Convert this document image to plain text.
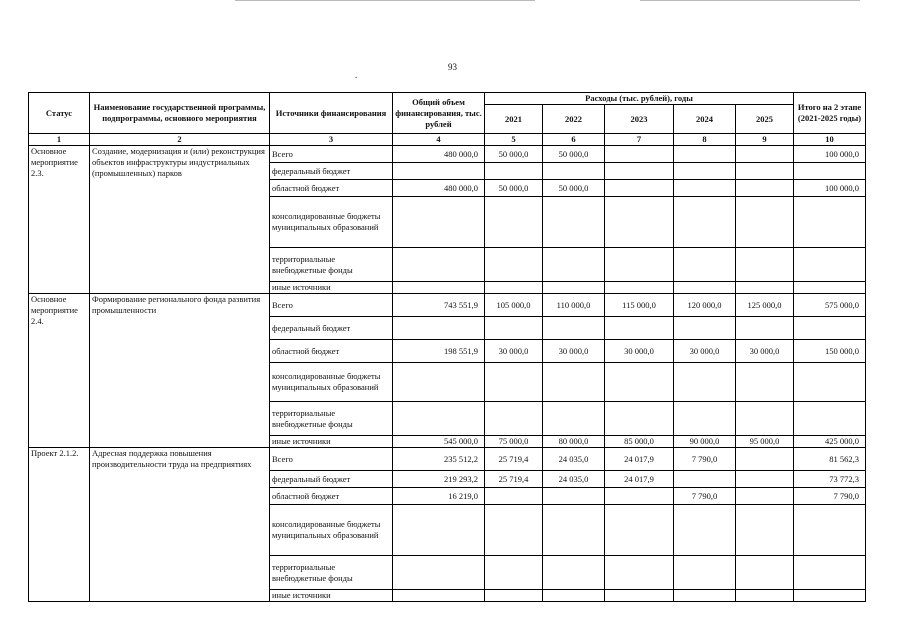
93
.
Статус	Наименование государственной программы, подпрограммы, основного мероприятия	Источники финансирования	Общий объем финансирования, тыс. рублей	Расходы (тыс. рублей), годы					Итого на 2 этапе (2021-2025 годы)
				2021	2022	2023	2024	2025	
1	2	3	4	5	6	7	8	9	10
Основное мероприятие 2.3.	Создание, модернизация и (или) реконструкция объектов инфраструктуры индустриальных (промышленных) парков	Всего	480 000,0	50 000,0	50 000,0				100 000,0
		федеральный бюджет							
		областной бюджет	480 000,0	50 000,0	50 000,0				100 000,0
		консолидированные бюджеты муниципальных образований							
		территориальные внебюджетные фонды							
		иные источники							
Основное мероприятие 2.4.	Формирование регионального фонда развития промышленности	Всего	743 551,9	105 000,0	110 000,0	115 000,0	120 000,0	125 000,0	575 000,0
		федеральный бюджет							
		областной бюджет	198 551,9	30 000,0	30 000,0	30 000,0	30 000,0	30 000,0	150 000,0
		консолидированные бюджеты муниципальных образований							
		территориальные внебюджетные фонды							
		иные источники	545 000,0	75 000,0	80 000,0	85 000,0	90 000,0	95 000,0	425 000,0
Проект 2.1.2.	Адресная поддержка повышения производительности труда на предприятиях	Всего	235 512,2	25 719,4	24 035,0	24 017,9	7 790,0		81 562,3
		федеральный бюджет	219 293,2	25 719,4	24 035,0	24 017,9			73 772,3
		областной бюджет	16 219,0				7 790,0		7 790,0
		консолидированные бюджеты муниципальных образований							
		территориальные внебюджетные фонды							
		иные источники							
